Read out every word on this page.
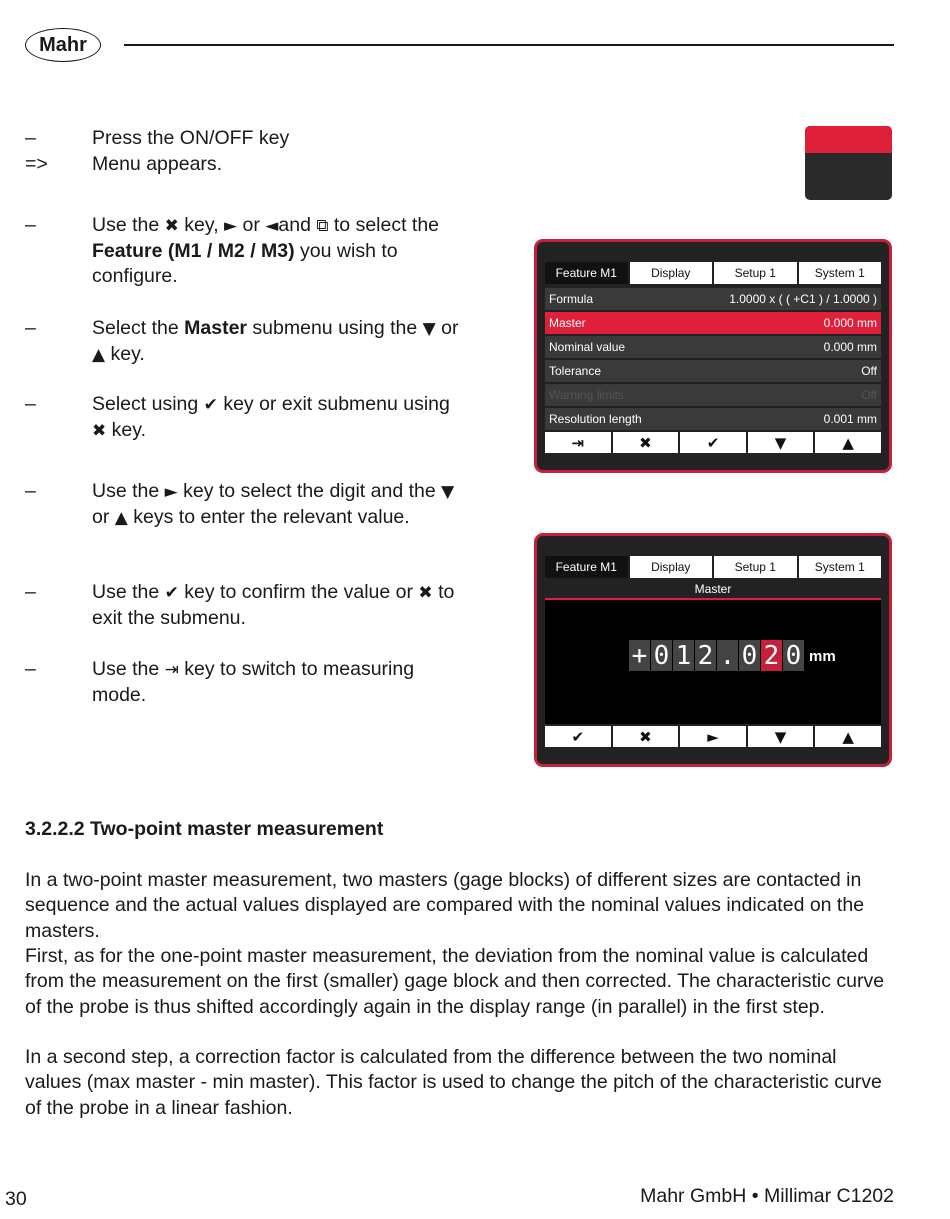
Mahr
–	Press the ON/OFF key
=>	Menu appears.
–	Use the ✖ key, ► or ◄and ⧉ to select the Feature (M1 / M2 / M3) you wish to configure.
–	Select the Master submenu using the ▼ or ▲ key.
–	Select using ✔ key or exit submenu using ✖ key.
–	Use the ► key to select the digit and the ▼ or ▲ keys to enter the relevant value.
–	Use the ✔ key to confirm the value or ✖ to exit the submenu.
–	Use the ⇥ key to switch to measuring mode.
Feature M1	Display	Setup 1	System 1
Formula	1.0000 x ( ( +C1 ) / 1.0000 )
Master	0.000 mm
Nominal value	0.000 mm
Tolerance	Off
Warning limits	Off
Resolution length	0.001 mm
⇥	✖	✔	▼	▲
Feature M1	Display	Setup 1	System 1
Master
+ 0 1 2 . 0 2 0 mm
✔	✖	►	▼	▲
3.2.2.2 Two-point master measurement
In a two-point master measurement, two masters (gage blocks) of different sizes are contacted in sequence and the actual values displayed are compared with the nominal values indicated on the masters.
First, as for the one-point master measurement, the deviation from the nominal value is calculated from the measurement on the first (smaller) gage block and then corrected. The characteristic curve of the probe is thus shifted accordingly again in the display range (in parallel) in the first step.
In a second step, a correction factor is calculated from the difference between the two nominal values (max master - min master). This factor is used to change the pitch of the characteristic curve of the probe in a linear fashion.
30	Mahr GmbH • Millimar C1202
